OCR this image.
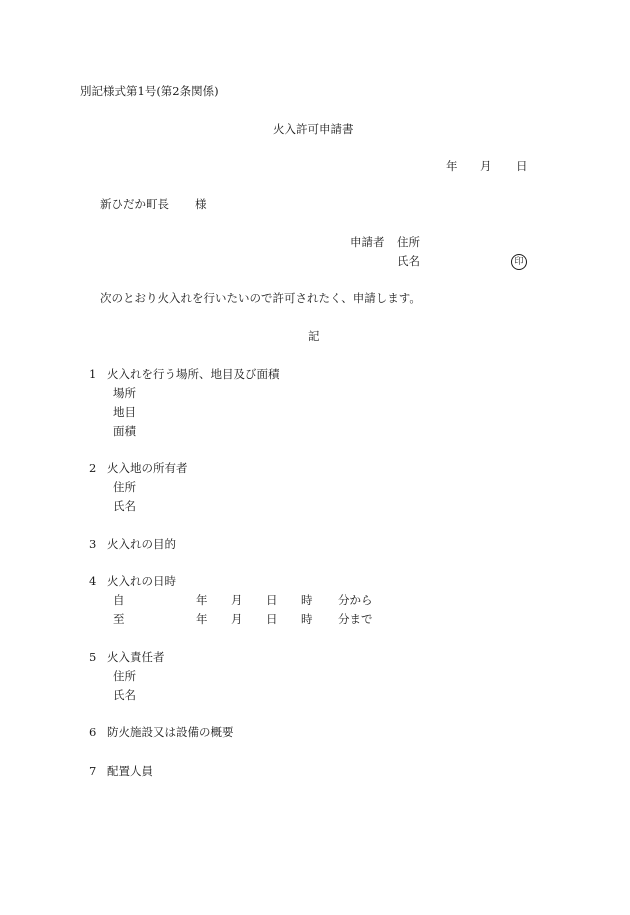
別記様式第1号(第2条関係)
火入許可申請書
年 月 日
新ひだか町長 様
申請者 住所
氏名	印
次のとおり火入れを行いたいので許可されたく、申請します。
記
1 火入れを行う場所、地目及び面積
場所
地目
面積
2 火入地の所有者
住所
氏名
3 火入れの目的
4 火入れの日時
自	年 月 日 時 分から
至	年 月 日 時 分まで
5 火入責任者
住所
氏名
6 防火施設又は設備の概要
7 配置人員
